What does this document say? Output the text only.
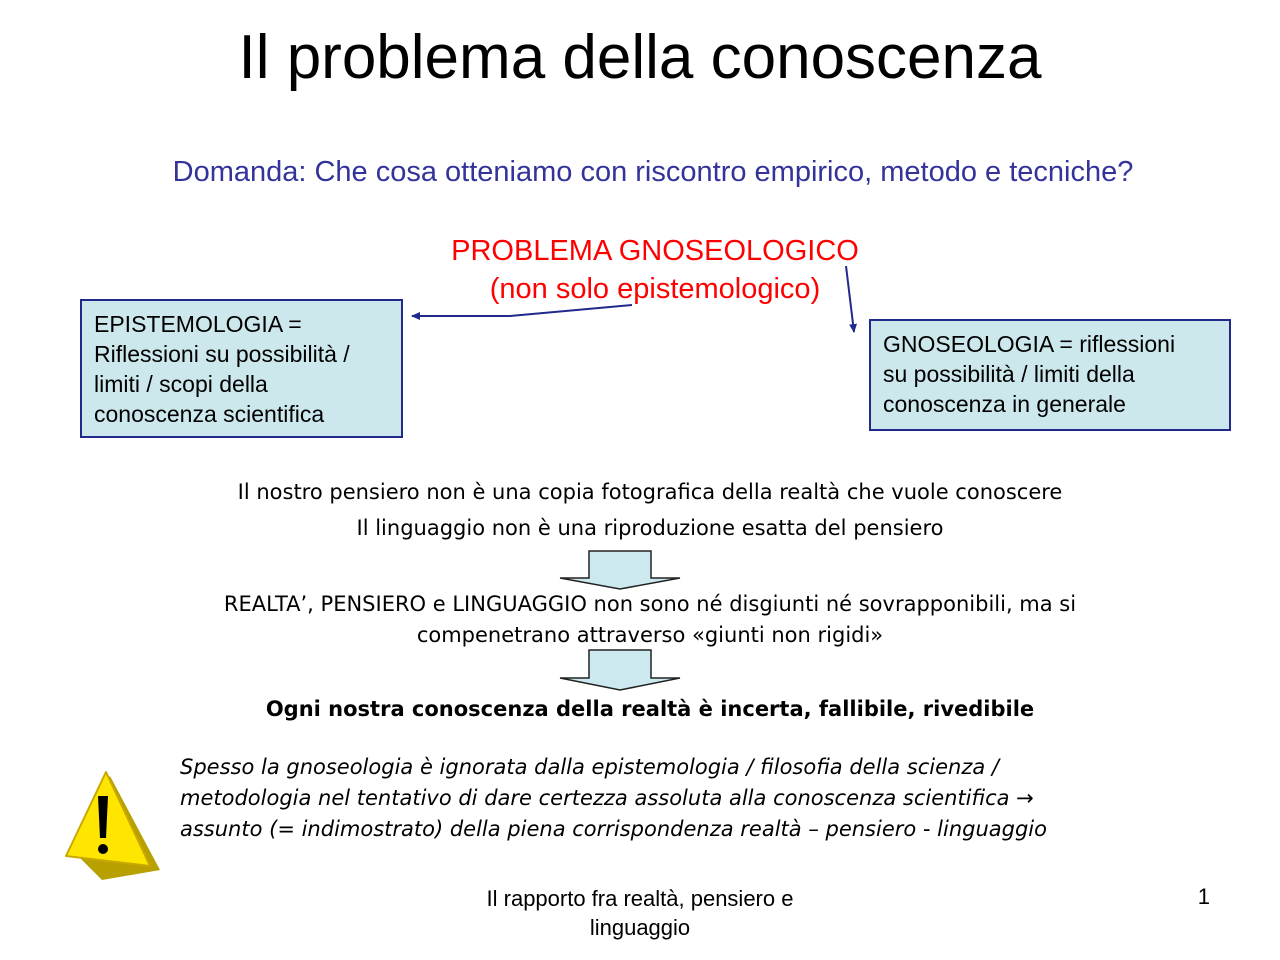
Il problema della conoscenza
Domanda: Che cosa otteniamo con riscontro empirico, metodo e tecniche?
PROBLEMA GNOSEOLOGICO
(non solo epistemologico)
EPISTEMOLOGIA =
Riflessioni su possibilità /
limiti / scopi della
conoscenza scientifica
GNOSEOLOGIA = riflessioni
su possibilità / limiti della
conoscenza in generale
Il nostro pensiero non è una copia fotografica della realtà che vuole conoscere
Il linguaggio non è una riproduzione esatta del pensiero
REALTA’, PENSIERO e LINGUAGGIO non sono né disgiunti né sovrapponibili, ma si
compenetrano attraverso «giunti non rigidi»
Ogni nostra conoscenza della realtà è incerta, fallibile, rivedibile
Spesso la gnoseologia è ignorata dalla epistemologia / filosofia della scienza /
metodologia nel tentativo di dare certezza assoluta alla conoscenza scientifica →
assunto (= indimostrato) della piena corrispondenza realtà – pensiero - linguaggio
Il rapporto fra realtà, pensiero e
linguaggio
1
